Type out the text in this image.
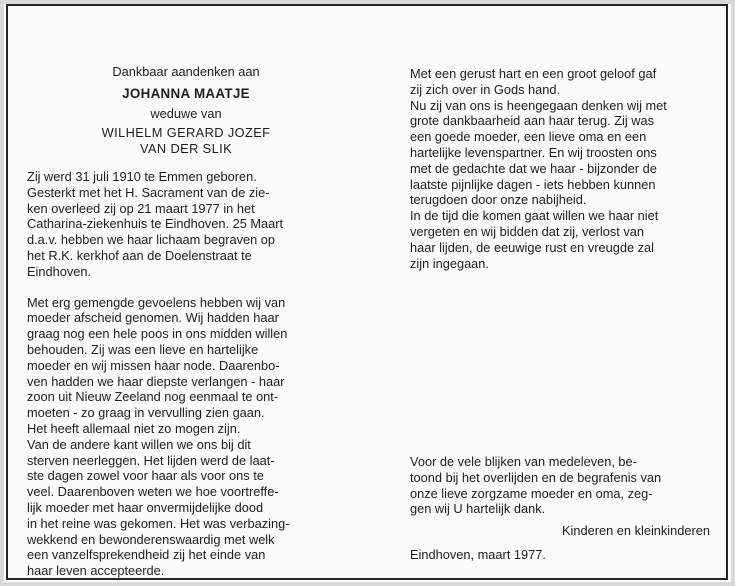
Dankbaar aandenken aan
JOHANNA MAATJE
weduwe van
WILHELM GERARD JOZEF
VAN DER SLIK
Zij werd 31 juli 1910 te Emmen geboren.
Gesterkt met het H. Sacrament van de zie-
ken overleed zij op 21 maart 1977 in het
Catharina-ziekenhuis te Eindhoven. 25 Maart
d.a.v. hebben we haar lichaam begraven op
het R.K. kerkhof aan de Doelenstraat te
Eindhoven.
Met erg gemengde gevoelens hebben wij van
moeder afscheid genomen. Wij hadden haar
graag nog een hele poos in ons midden willen
behouden. Zij was een lieve en hartelijke
moeder en wij missen haar node. Daarenbo-
ven hadden we haar diepste verlangen - haar
zoon uit Nieuw Zeeland nog eenmaal te ont-
moeten - zo graag in vervulling zien gaan.
Het heeft allemaal niet zo mogen zijn.
Van de andere kant willen we ons bij dit
sterven neerleggen. Het lijden werd de laat-
ste dagen zowel voor haar als voor ons te
veel. Daarenboven weten we hoe voortreffe-
lijk moeder met haar onvermijdelijke dood
in het reine was gekomen. Het was verbazing-
wekkend en bewonderenswaardig met welk
een vanzelfsprekendheid zij het einde van
haar leven accepteerde.
Met een gerust hart en een groot geloof gaf
zij zich over in Gods hand.
Nu zij van ons is heengegaan denken wij met
grote dankbaarheid aan haar terug. Zij was
een goede moeder, een lieve oma en een
hartelijke levenspartner. En wij troosten ons
met de gedachte dat we haar - bijzonder de
laatste pijnlijke dagen - iets hebben kunnen
terugdoen door onze nabijheid.
In de tijd die komen gaat willen we haar niet
vergeten en wij bidden dat zij, verlost van
haar lijden, de eeuwige rust en vreugde zal
zijn ingegaan.
Voor de vele blijken van medeleven, be-
toond bij het overlijden en de begrafenis van
onze lieve zorgzame moeder en oma, zeg-
gen wij U hartelijk dank.
Kinderen en kleinkinderen
Eindhoven, maart 1977.
